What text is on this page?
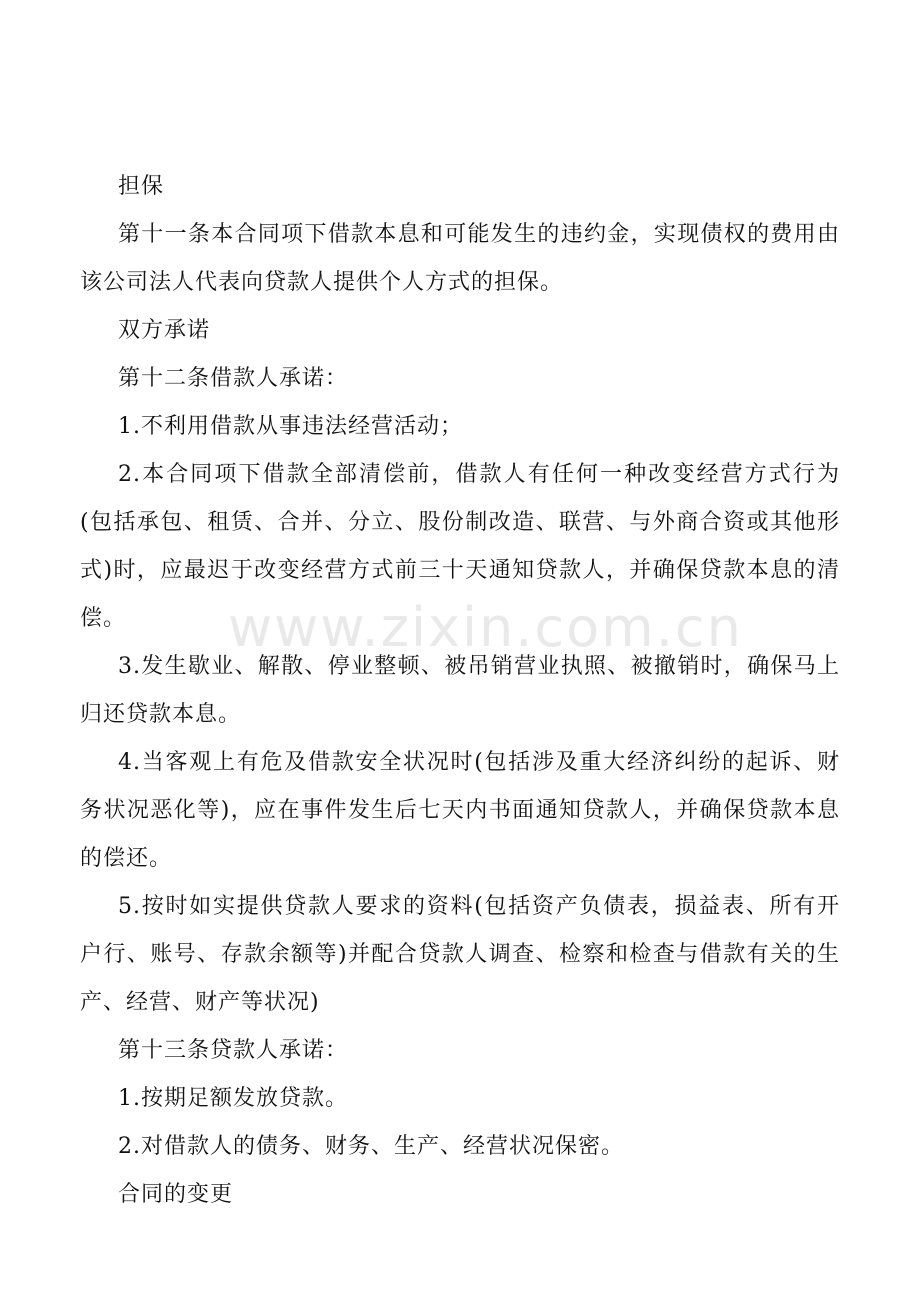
担保

第十一条本合同项下借款本息和可能发生的违约金，实现债权的费用由该公司法人代表向贷款人提供个人方式的担保。

双方承诺

第十二条借款人承诺：

1.不利用借款从事违法经营活动；

2.本合同项下借款全部清偿前，借款人有任何一种改变经营方式行为(包括承包、租赁、合并、分立、股份制改造、联营、与外商合资或其他形式)时，应最迟于改变经营方式前三十天通知贷款人，并确保贷款本息的清偿。

3.发生歇业、解散、停业整顿、被吊销营业执照、被撤销时，确保马上归还贷款本息。

4.当客观上有危及借款安全状况时(包括涉及重大经济纠纷的起诉、财务状况恶化等)，应在事件发生后七天内书面通知贷款人，并确保贷款本息的偿还。

5.按时如实提供贷款人要求的资料(包括资产负债表，损益表、所有开户行、账号、存款余额等)并配合贷款人调查、检察和检查与借款有关的生产、经营、财产等状况)

第十三条贷款人承诺：

1.按期足额发放贷款。

2.对借款人的债务、财务、生产、经营状况保密。

合同的变更

www.zixin.com.cn
